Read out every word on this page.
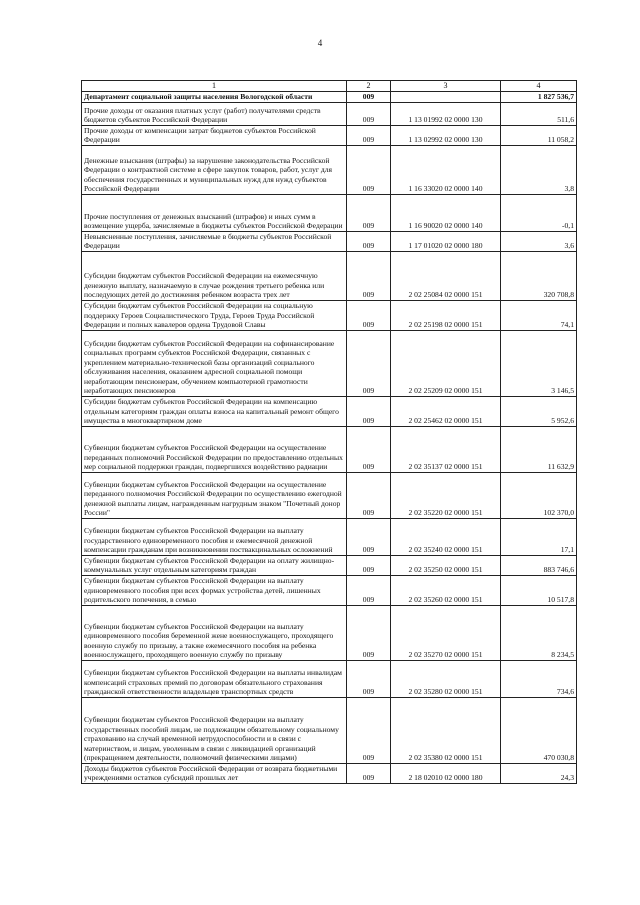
4
1	2	3	4
Департамент социальной защиты населения Вологодской области	009		1 827 536,7
Прочие доходы от оказания платных услуг (работ) получателями средств бюджетов субъектов Российской Федерации	009	1 13 01992 02 0000 130	511,6
Прочие доходы от компенсации затрат бюджетов субъектов Российской Федерации	009	1 13 02992 02 0000 130	11 058,2
Денежные взыскания (штрафы) за нарушение законодательства Российской Федерации о контрактной системе в сфере закупок товаров, работ, услуг для обеспечения государственных и муниципальных нужд для нужд субъектов Российской Федерации	009	1 16 33020 02 0000 140	3,8
Прочие поступления от денежных взысканий (штрафов) и иных сумм в возмещение ущерба, зачисляемые в бюджеты субъектов Российской Федерации	009	1 16 90020 02 0000 140	-0,1
Невыясненные поступления, зачисляемые в бюджеты субъектов Российской Федерации	009	1 17 01020 02 0000 180	3,6
Субсидии бюджетам субъектов Российской Федерации на ежемесячную денежную выплату, назначаемую в случае рождения третьего ребенка или последующих детей до достижения ребенком возраста трех лет	009	2 02 25084 02 0000 151	320 708,8
Субсидии бюджетам субъектов Российской Федерации на социальную поддержку Героев Социалистического Труда, Героев Труда Российской Федерации и полных кавалеров ордена Трудовой Славы	009	2 02 25198 02 0000 151	74,1
Субсидии бюджетам субъектов Российской Федерации на софинансирование социальных программ субъектов Российской Федерации, связанных с укреплением материально-технической базы организаций социального обслуживания населения, оказанием адресной социальной помощи неработающим пенсионерам, обучением компьютерной грамотности неработающих пенсионеров	009	2 02 25209 02 0000 151	3 146,5
Субсидии бюджетам субъектов Российской Федерации на компенсацию отдельным категориям граждан оплаты взноса на капитальный ремонт общего имущества в многоквартирном доме	009	2 02 25462 02 0000 151	5 952,6
Субвенции бюджетам субъектов Российской Федерации на осуществление переданных полномочий Российской Федерации по предоставлению отдельных мер социальной поддержки граждан, подвергшихся воздействию радиации	009	2 02 35137 02 0000 151	11 632,9
Субвенции бюджетам субъектов Российской Федерации на осуществление переданного полномочия Российской Федерации по осуществлению ежегодной денежной выплаты лицам, награжденным нагрудным знаком "Почетный донор России"	009	2 02 35220 02 0000 151	102 370,0
Субвенции бюджетам субъектов Российской Федерации на выплату государственного единовременного пособия и ежемесячной денежной компенсации гражданам при возникновении поствакцинальных осложнений	009	2 02 35240 02 0000 151	17,1
Субвенции бюджетам субъектов Российской Федерации на оплату жилищно-коммунальных услуг отдельным категориям граждан	009	2 02 35250 02 0000 151	883 746,6
Субвенции бюджетам субъектов Российской Федерации на выплату единовременного пособия при всех формах устройства детей, лишенных родительского попечения, в семью	009	2 02 35260 02 0000 151	10 517,8
Субвенции бюджетам субъектов Российской Федерации на выплату единовременного пособия беременной жене военнослужащего, проходящего военную службу по призыву, а также ежемесячного пособия на ребенка военнослужащего, проходящего военную службу по призыву	009	2 02 35270 02 0000 151	8 234,5
Субвенции бюджетам субъектов Российской Федерации на выплаты инвалидам компенсаций страховых премий по договорам обязательного страхования гражданской ответственности владельцев транспортных средств	009	2 02 35280 02 0000 151	734,6
Субвенции бюджетам субъектов Российской Федерации на выплату государственных пособий лицам, не подлежащим обязательному социальному страхованию на случай временной нетрудоспособности и в связи с материнством, и лицам, уволенным в связи с ликвидацией организаций (прекращением деятельности, полномочий физическими лицами)	009	2 02 35380 02 0000 151	470 030,8
Доходы бюджетов субъектов Российской Федерации от возврата бюджетными учреждениями остатков субсидий прошлых лет	009	2 18 02010 02 0000 180	24,3
